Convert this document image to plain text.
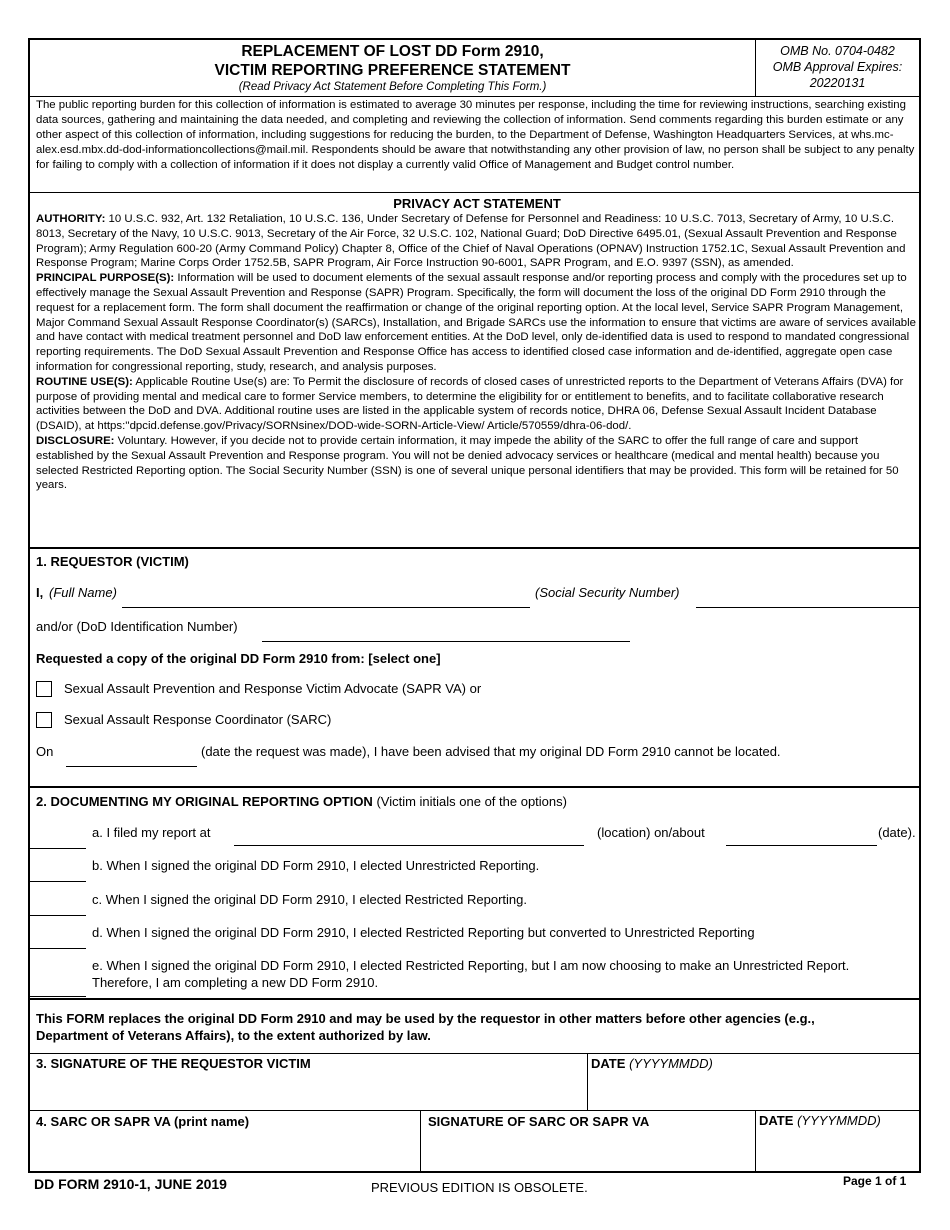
REPLACEMENT OF LOST DD Form 2910,
VICTIM REPORTING PREFERENCE STATEMENT
(Read Privacy Act Statement Before Completing This Form.)
OMB No. 0704-0482
OMB Approval Expires:
20220131
The public reporting burden for this collection of information is estimated to average 30 minutes per response, including the time for reviewing instructions, searching existing data sources, gathering and maintaining the data needed, and completing and reviewing the collection of information. Send comments regarding this burden estimate or any other aspect of this collection of information, including suggestions for reducing the burden, to the Department of Defense, Washington Headquarters Services, at whs.mc-alex.esd.mbx.dd-dod-informationcollections@mail.mil. Respondents should be aware that notwithstanding any other provision of law, no person shall be subject to any penalty for failing to comply with a collection of information if it does not display a currently valid Office of Management and Budget control number.
PRIVACY ACT STATEMENT

AUTHORITY: 10 U.S.C. 932, Art. 132 Retaliation, 10 U.S.C. 136, Under Secretary of Defense for Personnel and Readiness: 10 U.S.C. 7013, Secretary of Army, 10 U.S.C. 8013, Secretary of the Navy, 10 U.S.C. 9013, Secretary of the Air Force, 32 U.S.C. 102, National Guard; DoD Directive 6495.01, (Sexual Assault Prevention and Response Program); Army Regulation 600-20 (Army Command Policy) Chapter 8, Office of the Chief of Naval Operations (OPNAV) Instruction 1752.1C, Sexual Assault Prevention and Response Program; Marine Corps Order 1752.5B, SAPR Program, Air Force Instruction 90-6001, SAPR Program, and E.O. 9397 (SSN), as amended.

PRINCIPAL PURPOSE(S): Information will be used to document elements of the sexual assault response and/or reporting process and comply with the procedures set up to effectively manage the Sexual Assault Prevention and Response (SAPR) Program. Specifically, the form will document the loss of the original DD Form 2910 through the request for a replacement form. The form shall document the reaffirmation or change of the original reporting option. At the local level, Service SAPR Program Management, Major Command Sexual Assault Response Coordinator(s) (SARCs), Installation, and Brigade SARCs use the information to ensure that victims are aware of services available and have contact with medical treatment personnel and DoD law enforcement entities. At the DoD level, only de-identified data is used to respond to mandated congressional reporting requirements. The DoD Sexual Assault Prevention and Response Office has access to identified closed case information and de-identified, aggregate open case information for congressional reporting, study, research, and analysis purposes.

ROUTINE USE(S): Applicable Routine Use(s) are: To Permit the disclosure of records of closed cases of unrestricted reports to the Department of Veterans Affairs (DVA) for purpose of providing mental and medical care to former Service members, to determine the eligibility for or entitlement to benefits, and to facilitate collaborative research activities between the DoD and DVA. Additional routine uses are listed in the applicable system of records notice, DHRA 06, Defense Sexual Assault Incident Database (DSAID), at https:''dpcid.defense.gov/Privacy/SORNsinex/DOD-wide-SORN-Article-View/ Article/570559/dhra-06-dod/.

DISCLOSURE: Voluntary. However, if you decide not to provide certain information, it may impede the ability of the SARC to offer the full range of care and support established by the Sexual Assault Prevention and Response program. You will not be denied advocacy services or healthcare (medical and mental health) because you selected Restricted Reporting option. The Social Security Number (SSN) is one of several unique personal identifiers that may be provided. This form will be retained for 50 years.

1. REQUESTOR (VICTIM)
I, (Full Name)	(Social Security Number)
and/or (DoD Identification Number)
Requested a copy of the original DD Form 2910 from: [select one]
Sexual Assault Prevention and Response Victim Advocate (SAPR VA) or
Sexual Assault Response Coordinator (SARC)
On	(date the request was made), I have been advised that my original DD Form 2910 cannot be located.
2. DOCUMENTING MY ORIGINAL REPORTING OPTION (Victim initials one of the options)
a. I filed my report at	(location) on/about	(date).
b. When I signed the original DD Form 2910, I elected Unrestricted Reporting.
c. When I signed the original DD Form 2910, I elected Restricted Reporting.
d. When I signed the original DD Form 2910, I elected Restricted Reporting but converted to Unrestricted Reporting
e. When I signed the original DD Form 2910, I elected Restricted Reporting, but I am now choosing to make an Unrestricted Report.
Therefore, I am completing a new DD Form 2910.
This FORM replaces the original DD Form 2910 and may be used by the requestor in other matters before other agencies (e.g.,
Department of Veterans Affairs), to the extent authorized by law.
3. SIGNATURE OF THE REQUESTOR VICTIM	DATE (YYYYMMDD)
4. SARC OR SAPR VA (print name)	SIGNATURE OF SARC OR SAPR VA	DATE (YYYYMMDD)
DD FORM 2910-1, JUNE 2019	PREVIOUS EDITION IS OBSOLETE.	Page 1 of 1
